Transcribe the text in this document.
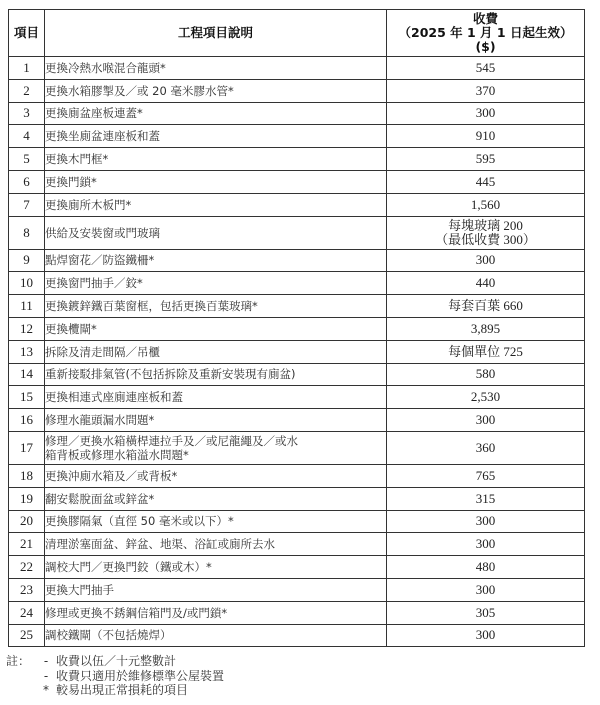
項目	工程項目說明	收費
（2025 年 1 月 1 日起生效）
($)

1	更換冷熱水喉混合龍頭*	545

2	更換水箱膠掣及／或 20 毫米膠水管*	370

3	更換廁盆座板連蓋*	300

4	更換坐廁盆連座板和蓋	910

5	更換木門框*	595

6	更換門鎖*	445

7	更換廁所木板門*	1,560

8	供給及安裝窗或門玻璃	每塊玻璃 200
（最低收費 300）

9	點焊窗花／防盜鐵柵*	300

10	更換窗門抽手／鉸*	440

11	更換鍍鋅鐵百葉窗框，包括更換百葉玻璃*	每套百葉 660

12	更換欖閘*	3,895

13	拆除及清走間隔／吊櫃	每個單位 725

14	重新接駁排氣管(不包括拆除及重新安裝現有廁盆)	580

15	更換相連式座廁連座板和蓋	2,530

16	修理水龍頭漏水問題*	300

17	修理／更換水箱橫桿連拉手及／或尼龍繩及／或水
箱背板或修理水箱溢水問題*	360

18	更換沖廁水箱及／或背板*	765

19	翻安鬆脫面盆或鋅盆*	315

20	更換膠隔氣（直徑 50 毫米或以下）*	300

21	清理淤塞面盆、鋅盆、地渠、浴缸或廁所去水	300

22	調校大門／更換門鉸（鐵或木）*	480

23	更換大門抽手	300

24	修理或更換不銹鋼信箱門及/或門鎖*	305

25	調校鐵閘（不包括燒焊）	300
註：	- 收費以伍／十元整數計
- 收費只適用於維修標準公屋裝置
* 較易出現正常損耗的項目
